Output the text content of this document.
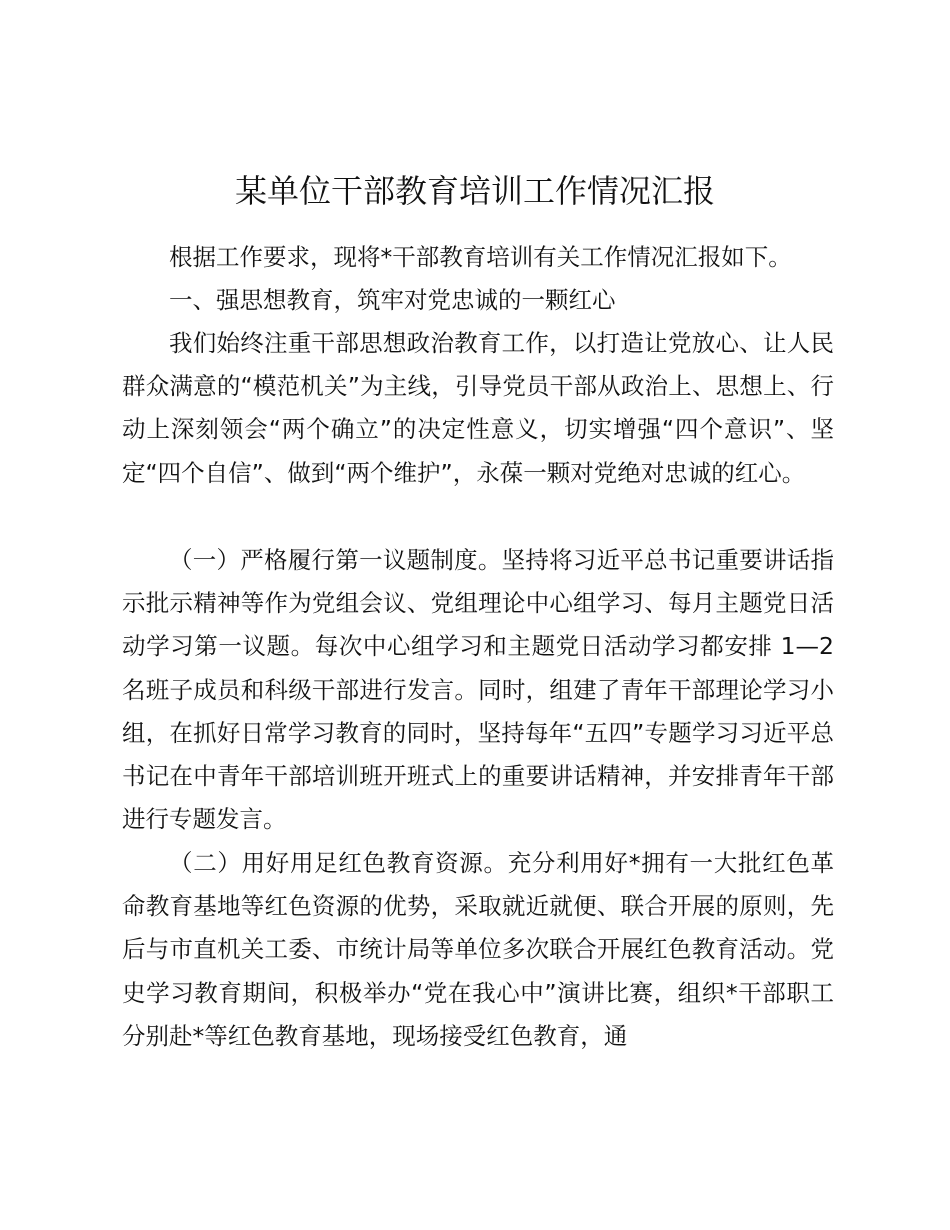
某单位干部教育培训工作情况汇报

根据工作要求，现将*干部教育培训有关工作情况汇报如下。

一、强思想教育，筑牢对党忠诚的一颗红心

我们始终注重干部思想政治教育工作，以打造让党放心、让人民群众满意的“模范机关”为主线，引导党员干部从政治上、思想上、行动上深刻领会“两个确立”的决定性意义，切实增强“四个意识”、坚定“四个自信”、做到“两个维护”，永葆一颗对党绝对忠诚的红心。

（一）严格履行第一议题制度。坚持将习近平总书记重要讲话指示批示精神等作为党组会议、党组理论中心组学习、每月主题党日活动学习第一议题。每次中心组学习和主题党日活动学习都安排 1—2 名班子成员和科级干部进行发言。同时，组建了青年干部理论学习小组，在抓好日常学习教育的同时，坚持每年“五四”专题学习习近平总书记在中青年干部培训班开班式上的重要讲话精神，并安排青年干部进行专题发言。

（二）用好用足红色教育资源。充分利用好*拥有一大批红色革命教育基地等红色资源的优势，采取就近就便、联合开展的原则，先后与市直机关工委、市统计局等单位多次联合开展红色教育活动。党史学习教育期间，积极举办“党在我心中”演讲比赛，组织*干部职工分别赴*等红色教育基地，现场接受红色教育，通
